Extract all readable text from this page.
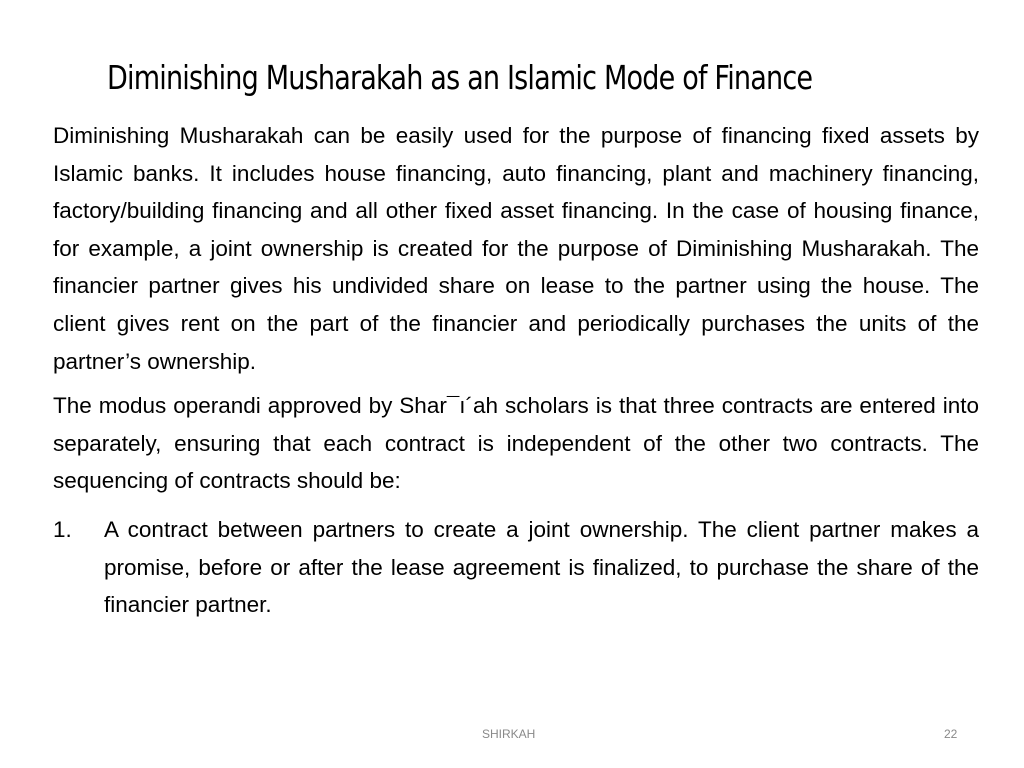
Diminishing Musharakah as an Islamic Mode of Finance

Diminishing Musharakah can be easily used for the purpose of financing fixed assets by Islamic banks. It includes house financing, auto financing, plant and machinery financing, factory/building financing and all other fixed asset financing. In the case of housing finance, for example, a joint ownership is created for the purpose of Diminishing Musharakah. The financier partner gives his undivided share on lease to the partner using the house. The client gives rent on the part of the financier and periodically purchases the units of the partner’s ownership.

The modus operandi approved by Shar¯ı´ah scholars is that three contracts are entered into separately, ensuring that each contract is independent of the other two contracts. The sequencing of contracts should be:

1. A contract between partners to create a joint ownership. The client partner makes a promise, before or after the lease agreement is finalized, to purchase the share of the financier partner.
SHIRKAH	22
